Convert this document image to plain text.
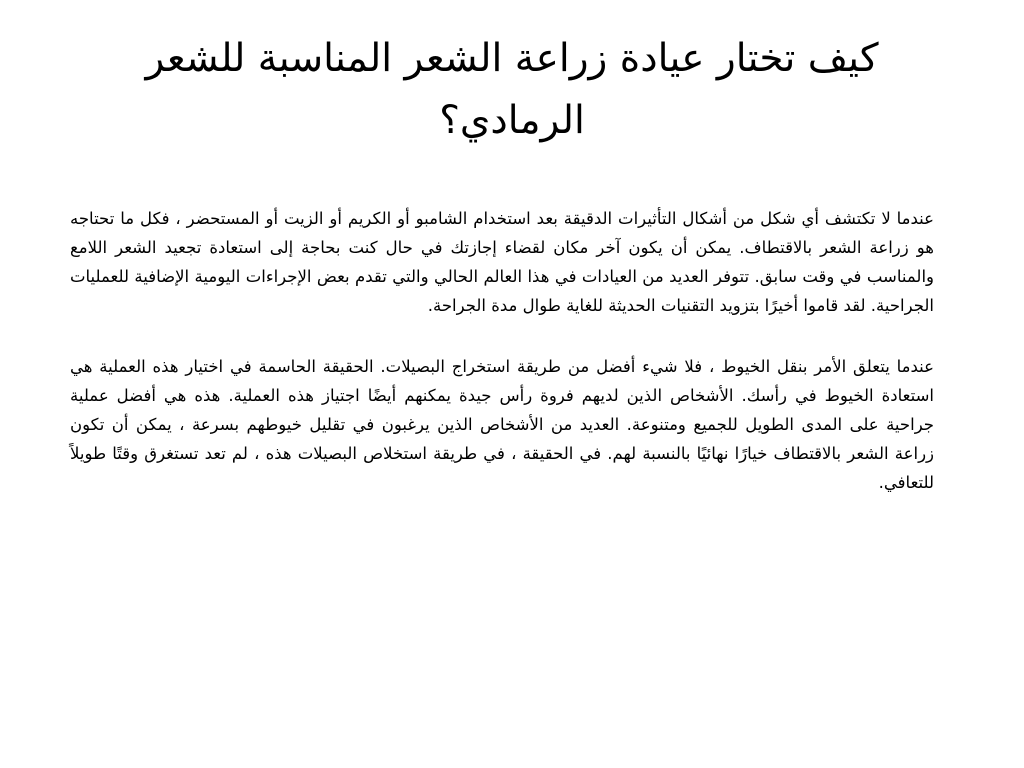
كيف تختار عيادة زراعة الشعر المناسبة للشعر الرمادي؟

عندما لا تكتشف أي شكل من أشكال التأثيرات الدقيقة بعد استخدام الشامبو أو الكريم أو الزيت أو المستحضر ، فكل ما تحتاجه هو زراعة الشعر بالاقتطاف. يمكن أن يكون آخر مكان لقضاء إجازتك في حال كنت بحاجة إلى استعادة تجعيد الشعر اللامع والمناسب في وقت سابق. تتوفر العديد من العيادات في هذا العالم الحالي والتي تقدم بعض الإجراءات اليومية الإضافية للعمليات الجراحية. لقد قاموا أخيرًا بتزويد التقنيات الحديثة للغاية طوال مدة الجراحة.

عندما يتعلق الأمر بنقل الخيوط ، فلا شيء أفضل من طريقة استخراج البصيلات. الحقيقة الحاسمة في اختيار هذه العملية هي استعادة الخيوط في رأسك. الأشخاص الذين لديهم فروة رأس جيدة يمكنهم أيضًا اجتياز هذه العملية. هذه هي أفضل عملية جراحية على المدى الطويل للجميع ومتنوعة. العديد من الأشخاص الذين يرغبون في تقليل خيوطهم بسرعة ، يمكن أن تكون زراعة الشعر بالاقتطاف خيارًا نهائيًا بالنسبة لهم. في الحقيقة ، في طريقة استخلاص البصيلات هذه ، لم تعد تستغرق وقتًا طويلاً للتعافي.
